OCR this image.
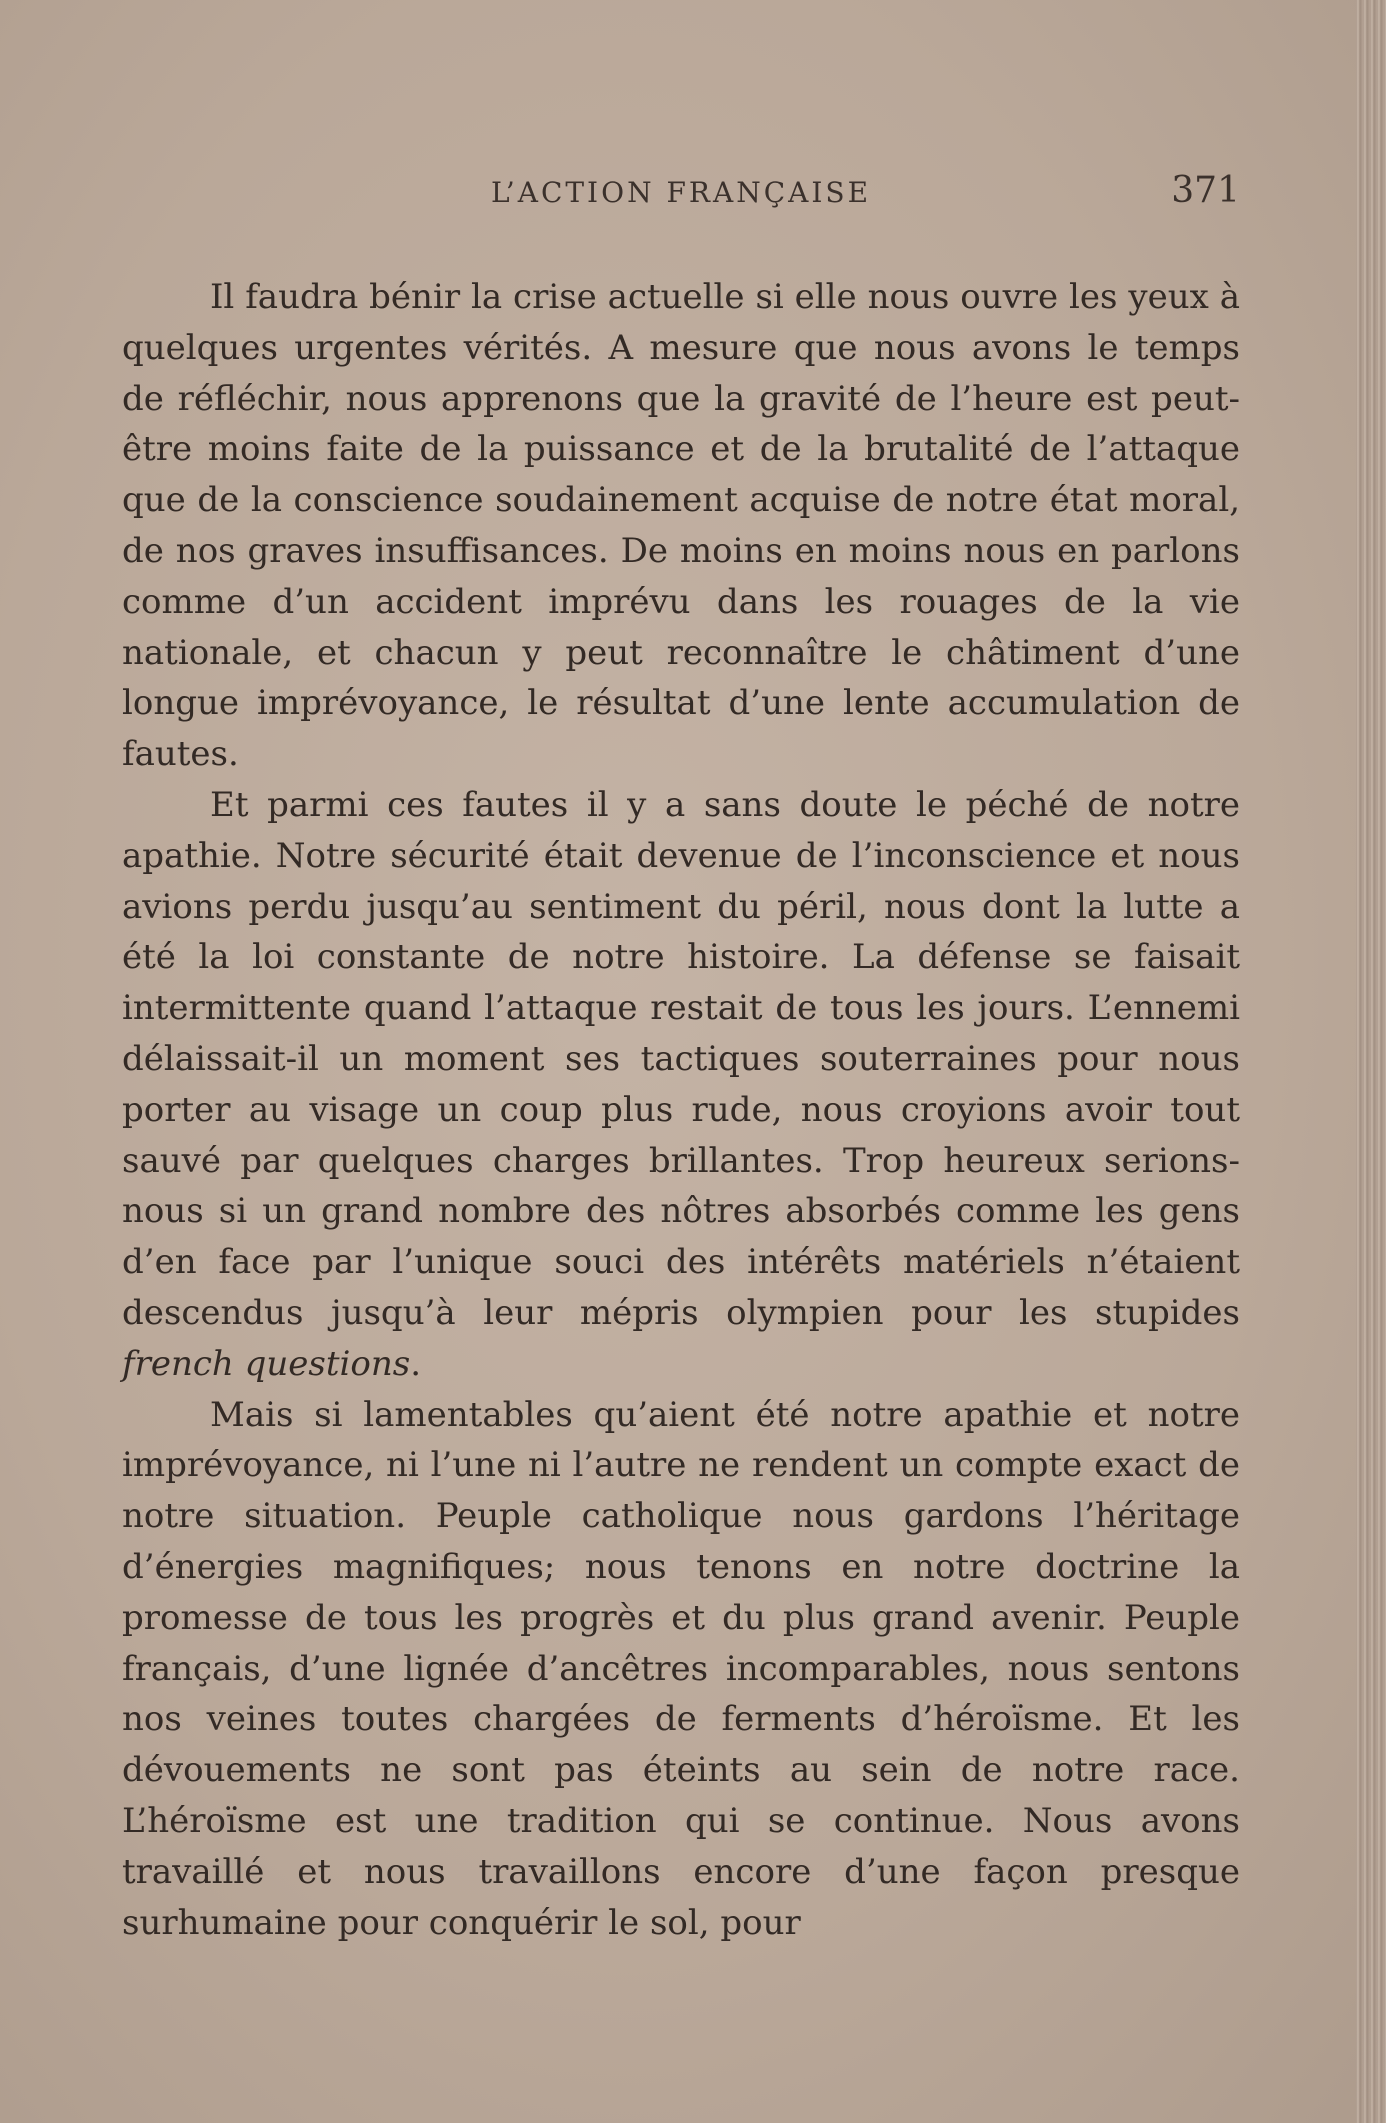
L’ACTION FRANÇAISE	371

Il faudra bénir la crise actuelle si elle nous ouvre les yeux à quelques urgentes vérités. A mesure que nous avons le temps de réfléchir, nous apprenons que la gravité de l’heure est peut-être moins faite de la puissance et de la brutalité de l’attaque que de la conscience soudainement acquise de notre état moral, de nos graves insuffisances. De moins en moins nous en parlons comme d’un accident imprévu dans les rouages de la vie nationale, et chacun y peut reconnaître le châtiment d’une longue imprévoyance, le résultat d’une lente accumulation de fautes.

Et parmi ces fautes il y a sans doute le péché de notre apathie. Notre sécurité était devenue de l’inconscience et nous avions perdu jusqu’au sentiment du péril, nous dont la lutte a été la loi constante de notre histoire. La défense se faisait intermittente quand l’attaque restait de tous les jours. L’ennemi délaissait-il un moment ses tactiques souterraines pour nous porter au visage un coup plus rude, nous croyions avoir tout sauvé par quelques charges brillantes. Trop heureux serions-nous si un grand nombre des nôtres absorbés comme les gens d’en face par l’unique souci des intérêts matériels n’étaient descendus jusqu’à leur mépris olympien pour les stupides french questions.

Mais si lamentables qu’aient été notre apathie et notre imprévoyance, ni l’une ni l’autre ne rendent un compte exact de notre situation. Peuple catholique nous gardons l’héritage d’énergies magnifiques; nous tenons en notre doctrine la promesse de tous les progrès et du plus grand avenir. Peuple français, d’une lignée d’ancêtres incomparables, nous sentons nos veines toutes chargées de ferments d’héroïsme. Et les dévouements ne sont pas éteints au sein de notre race. L’héroïsme est une tradition qui se continue. Nous avons travaillé et nous travaillons encore d’une façon presque surhumaine pour conquérir le sol, pour
